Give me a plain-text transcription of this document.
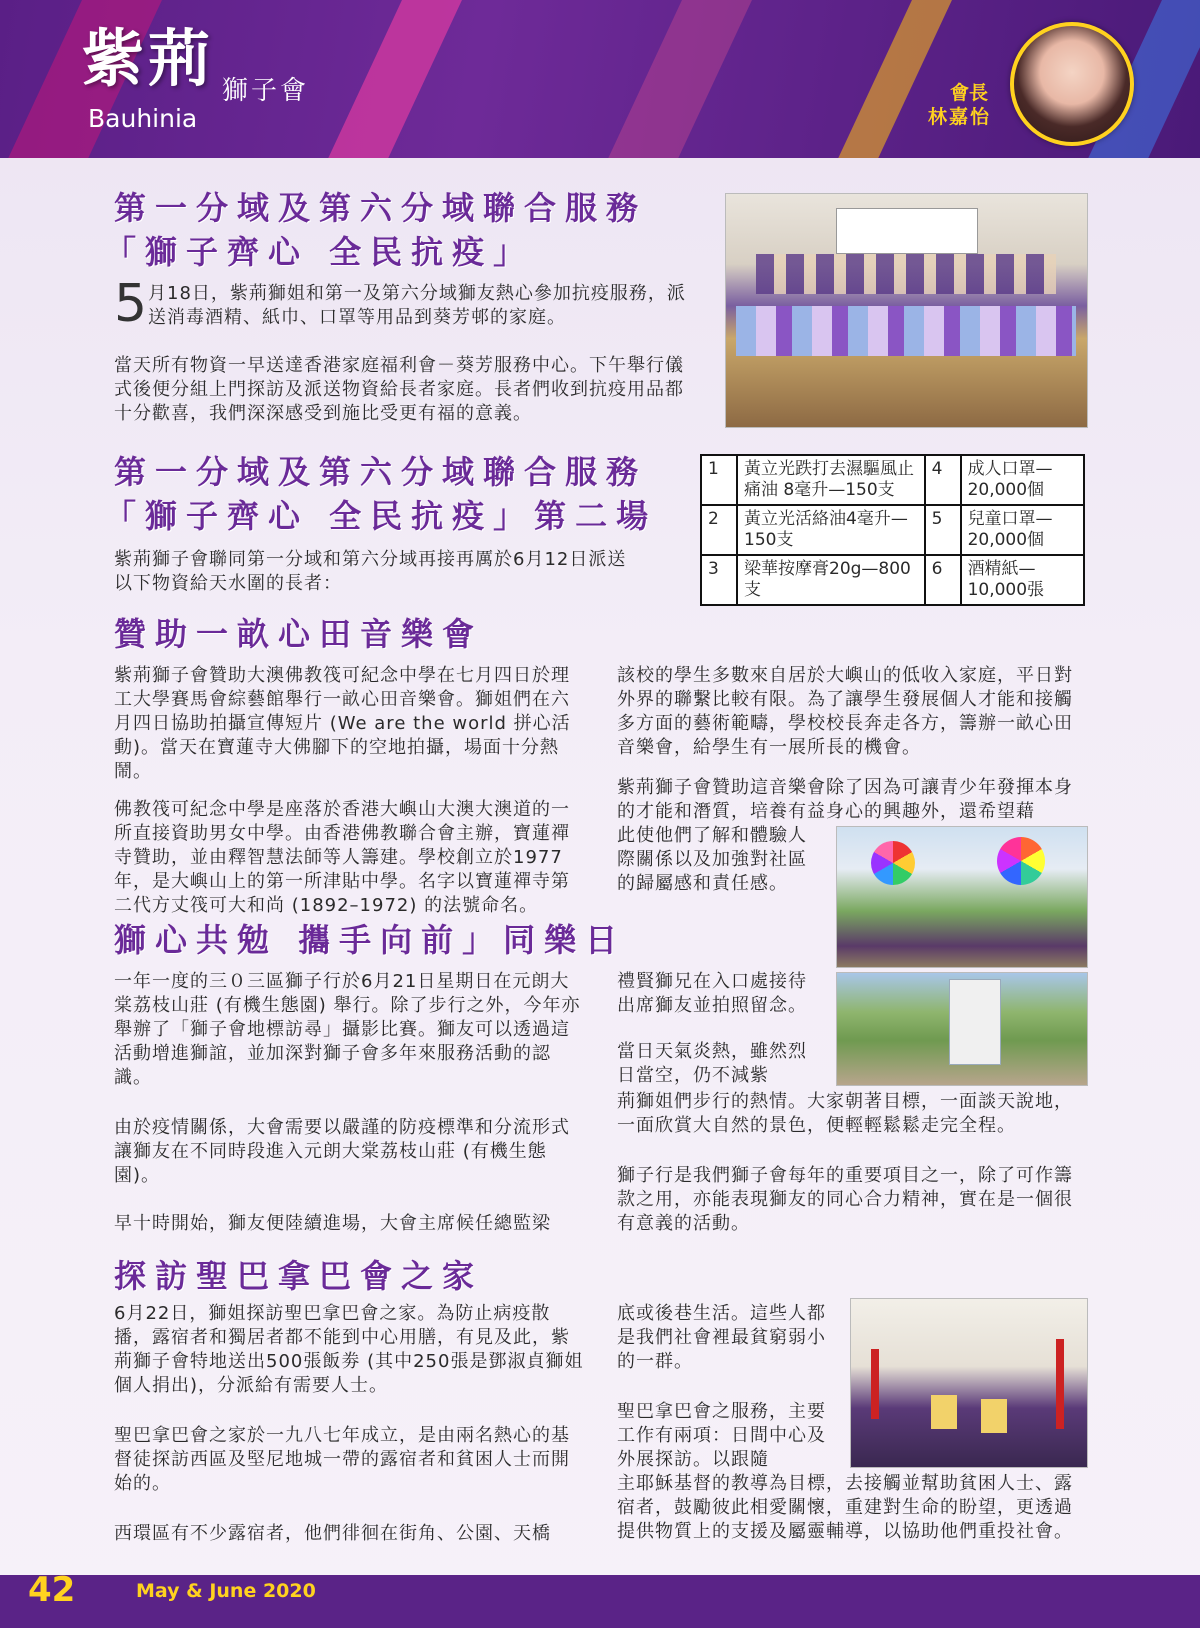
紫荊 獅子會
Bauhinia
會長
林嘉怡
第一分域及第六分域聯合服務
「獅子齊心 全民抗疫」
5 月18日，紫荊獅姐和第一及第六分域獅友熱心參加抗疫服務，派送消毒酒精、紙巾、口罩等用品到葵芳邨的家庭。
當天所有物資一早送達香港家庭福利會－葵芳服務中心。下午舉行儀式後便分組上門探訪及派送物資給長者家庭。長者們收到抗疫用品都十分歡喜，我們深深感受到施比受更有福的意義。
第一分域及第六分域聯合服務
「獅子齊心 全民抗疫」第二場
紫荊獅子會聯同第一分域和第六分域再接再厲於6月12日派送以下物資給天水圍的長者：
1	黃立光跌打去濕驅風止痛油 8毫升—150支	4	成人口罩—20,000個
2	黃立光活絡油4毫升—150支	5	兒童口罩—20,000個
3	梁華按摩膏20g—800支	6	酒精紙—10,000張
贊助一畝心田音樂會
紫荊獅子會贊助大澳佛教筏可紀念中學在七月四日於理工大學賽馬會綜藝館舉行一畝心田音樂會。獅姐們在六月四日協助拍攝宣傳短片 (We are the world 拼心活動)。當天在寶蓮寺大佛腳下的空地拍攝，場面十分熱鬧。
佛教筏可紀念中學是座落於香港大嶼山大澳大澳道的一所直接資助男女中學。由香港佛教聯合會主辦，寶蓮禪寺贊助，並由釋智慧法師等人籌建。學校創立於1977年，是大嶼山上的第一所津貼中學。名字以寶蓮禪寺第二代方丈筏可大和尚 (1892–1972) 的法號命名。
該校的學生多數來自居於大嶼山的低收入家庭，平日對外界的聯繫比較有限。為了讓學生發展個人才能和接觸多方面的藝術範疇，學校校長奔走各方，籌辦一畝心田音樂會，給學生有一展所長的機會。
紫荊獅子會贊助這音樂會除了因為可讓青少年發揮本身的才能和潛質，培養有益身心的興趣外，還希望藉
此使他們了解和體驗人際關係以及加強對社區的歸屬感和責任感。
獅心共勉 攜手向前」同樂日
一年一度的三０三區獅子行於6月21日星期日在元朗大棠荔枝山莊 (有機生態園) 舉行。除了步行之外，今年亦舉辦了「獅子會地標訪尋」攝影比賽。獅友可以透過這活動增進獅誼，並加深對獅子會多年來服務活動的認識。
由於疫情關係，大會需要以嚴謹的防疫標準和分流形式讓獅友在不同時段進入元朗大棠荔枝山莊 (有機生態園)。
早十時開始，獅友便陸續進場，大會主席候任總監梁
禮賢獅兄在入口處接待出席獅友並拍照留念。
當日天氣炎熱，雖然烈日當空，仍不減紫
荊獅姐們步行的熱情。大家朝著目標，一面談天說地，一面欣賞大自然的景色，便輕輕鬆鬆走完全程。
獅子行是我們獅子會每年的重要項目之一，除了可作籌款之用，亦能表現獅友的同心合力精神，實在是一個很有意義的活動。
探訪聖巴拿巴會之家
6月22日，獅姐探訪聖巴拿巴會之家。為防止病疫散播，露宿者和獨居者都不能到中心用膳，有見及此，紫荊獅子會特地送出500張飯劵 (其中250張是鄧淑貞獅姐個人捐出)，分派給有需要人士。
聖巴拿巴會之家於一九八七年成立，是由兩名熱心的基督徒探訪西區及堅尼地城一帶的露宿者和貧困人士而開始的。
西環區有不少露宿者，他們徘徊在街角、公園、天橋
底或後巷生活。這些人都是我們社會裡最貧窮弱小的一群。
聖巴拿巴會之服務，主要工作有兩項：日間中心及外展探訪。以跟隨
主耶穌基督的教導為目標，去接觸並幫助貧困人士、露宿者，鼓勵彼此相愛關懷，重建對生命的盼望，更透過提供物質上的支援及屬靈輔導，以協助他們重投社會。
42	May & June 2020
